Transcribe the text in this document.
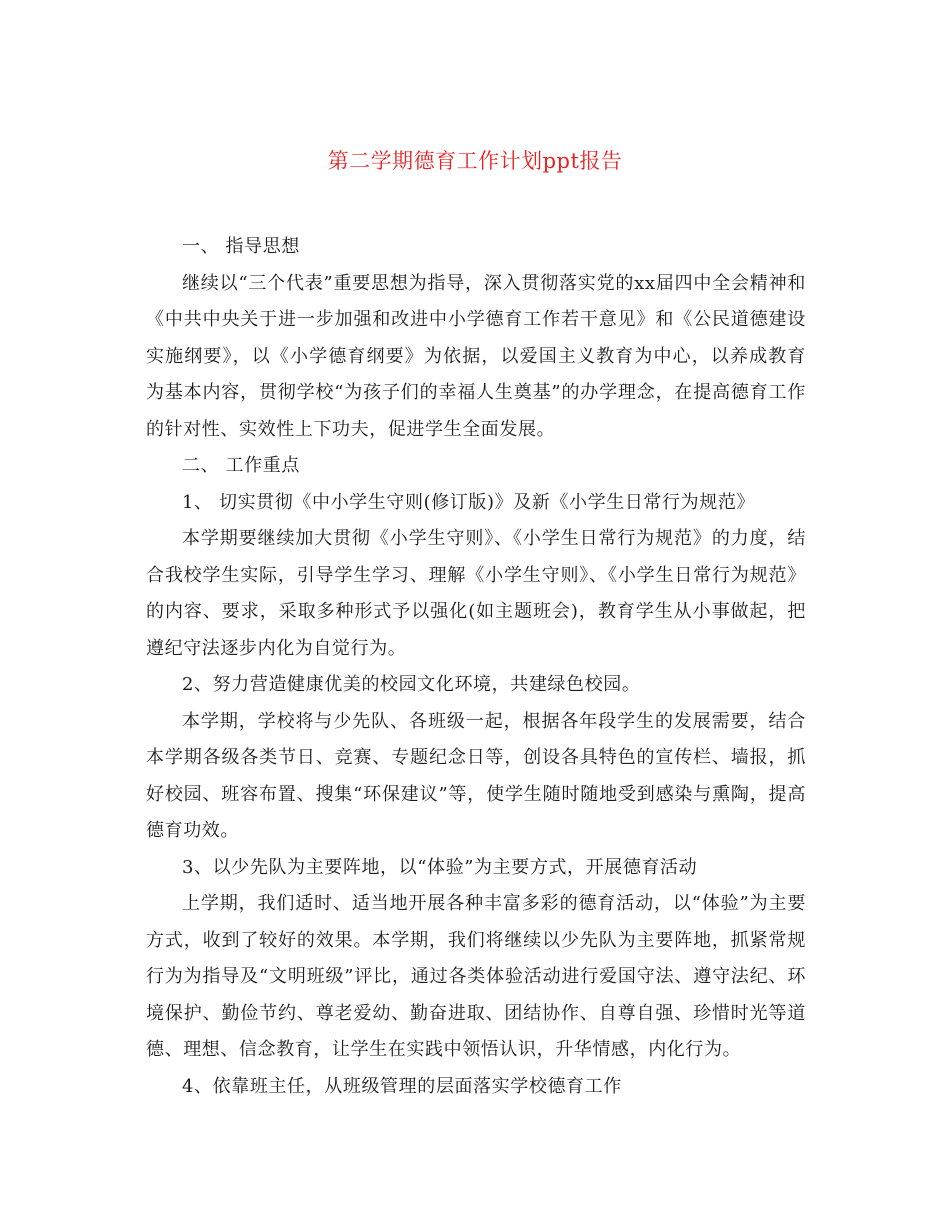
第二学期德育工作计划ppt报告

一、 指导思想

继续以“三个代表”重要思想为指导，深入贯彻落实党的xx届四中全会精神和《中共中央关于进一步加强和改进中小学德育工作若干意见》和《公民道德建设实施纲要》，以《小学德育纲要》为依据，以爱国主义教育为中心，以养成教育为基本内容，贯彻学校“为孩子们的幸福人生奠基”的办学理念，在提高德育工作的针对性、实效性上下功夫，促进学生全面发展。

二、 工作重点

1、 切实贯彻《中小学生守则(修订版)》及新《小学生日常行为规范》

本学期要继续加大贯彻《小学生守则》、《小学生日常行为规范》的力度，结合我校学生实际，引导学生学习、理解《小学生守则》、《小学生日常行为规范》的内容、要求，采取多种形式予以强化(如主题班会)，教育学生从小事做起，把遵纪守法逐步内化为自觉行为。

2、努力营造健康优美的校园文化环境，共建绿色校园。

本学期，学校将与少先队、各班级一起，根据各年段学生的发展需要，结合本学期各级各类节日、竞赛、专题纪念日等，创设各具特色的宣传栏、墙报，抓好校园、班容布置、搜集“环保建议”等，使学生随时随地受到感染与熏陶，提高德育功效。

3、以少先队为主要阵地，以“体验”为主要方式，开展德育活动

上学期，我们适时、适当地开展各种丰富多彩的德育活动，以“体验”为主要方式，收到了较好的效果。本学期，我们将继续以少先队为主要阵地，抓紧常规行为为指导及“文明班级”评比，通过各类体验活动进行爱国守法、遵守法纪、环境保护、勤俭节约、尊老爱幼、勤奋进取、团结协作、自尊自强、珍惜时光等道德、理想、信念教育，让学生在实践中领悟认识，升华情感，内化行为。

4、依靠班主任，从班级管理的层面落实学校德育工作
